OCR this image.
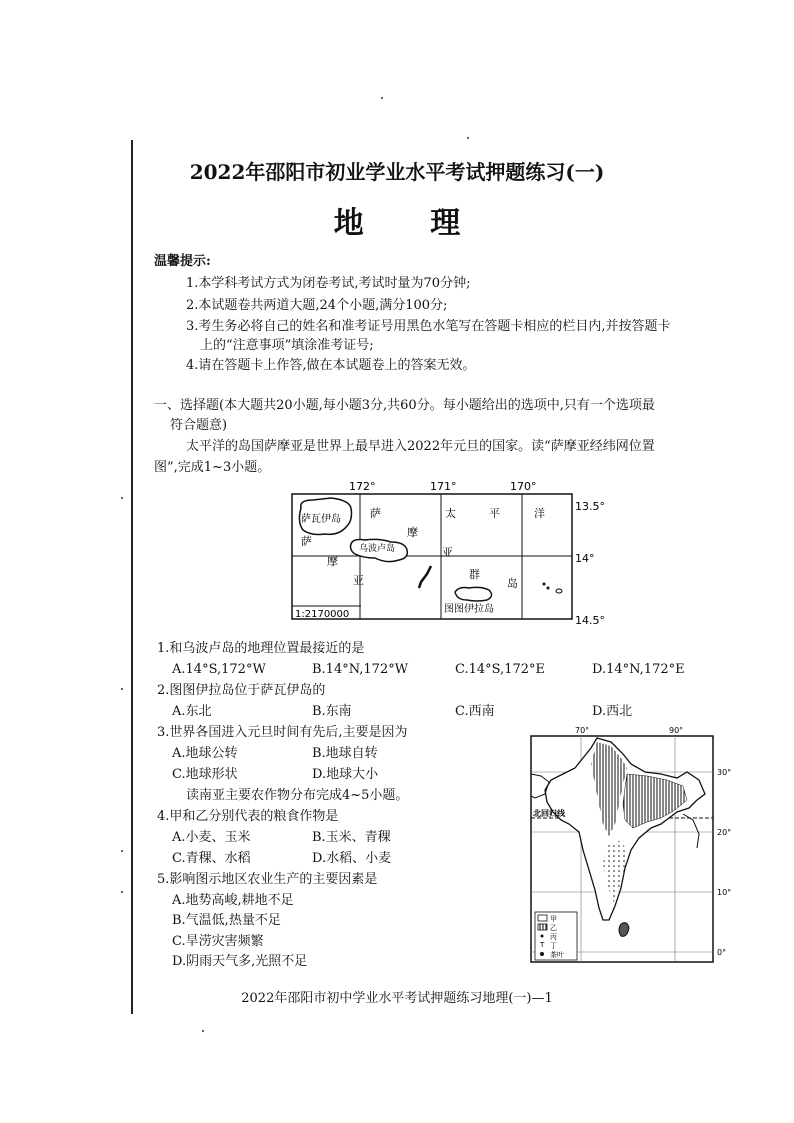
2022年邵阳市初业学业水平考试押题练习(一)
地 理
温馨提示:
1.本学科考试方式为闭卷考试,考试时量为70分钟;
2.本试题卷共两道大题,24个小题,满分100分;
3.考生务必将自己的姓名和准考证号用黑色水笔写在答题卡相应的栏目内,并按答题卡
上的“注意事项”填涂准考证号;
4.请在答题卡上作答,做在本试题卷上的答案无效。
一、选择题(本大题共20小题,每小题3分,共60分。每小题给出的选项中,只有一个选项最
符合题意)
太平洋的岛国萨摩亚是世界上最早进入2022年元旦的国家。读“萨摩亚经纬网位置
图”,完成1~3小题。
172°	171°	170°
13.5°
14°
14.5°
萨瓦伊岛
乌波卢岛
图图伊拉岛
萨
摩
亚
萨
摩
亚
太	平	洋
群
岛
1:2170000
1.和乌波卢岛的地理位置最接近的是
A.14°S,172°W	B.14°N,172°W	C.14°S,172°E	D.14°N,172°E
2.图图伊拉岛位于萨瓦伊岛的
A.东北	B.东南	C.西南	D.西北
3.世界各国进入元旦时间有先后,主要是因为
A.地球公转	B.地球自转
C.地球形状	D.地球大小
读南亚主要农作物分布完成4~5小题。
4.甲和乙分别代表的粮食作物是
A.小麦、玉米	B.玉米、青稞
C.青稞、水稻	D.水稻、小麦
5.影响图示地区农业生产的主要因素是
A.地势高峻,耕地不足
B.气温低,热量不足
C.旱涝灾害频繁
D.阴雨天气多,光照不足
70°	90°
30°
20°
10°
0°
北回归线
T
甲
乙
丙
丁
茶叶
2022年邵阳市初中学业水平考试押题练习地理(一)—1
